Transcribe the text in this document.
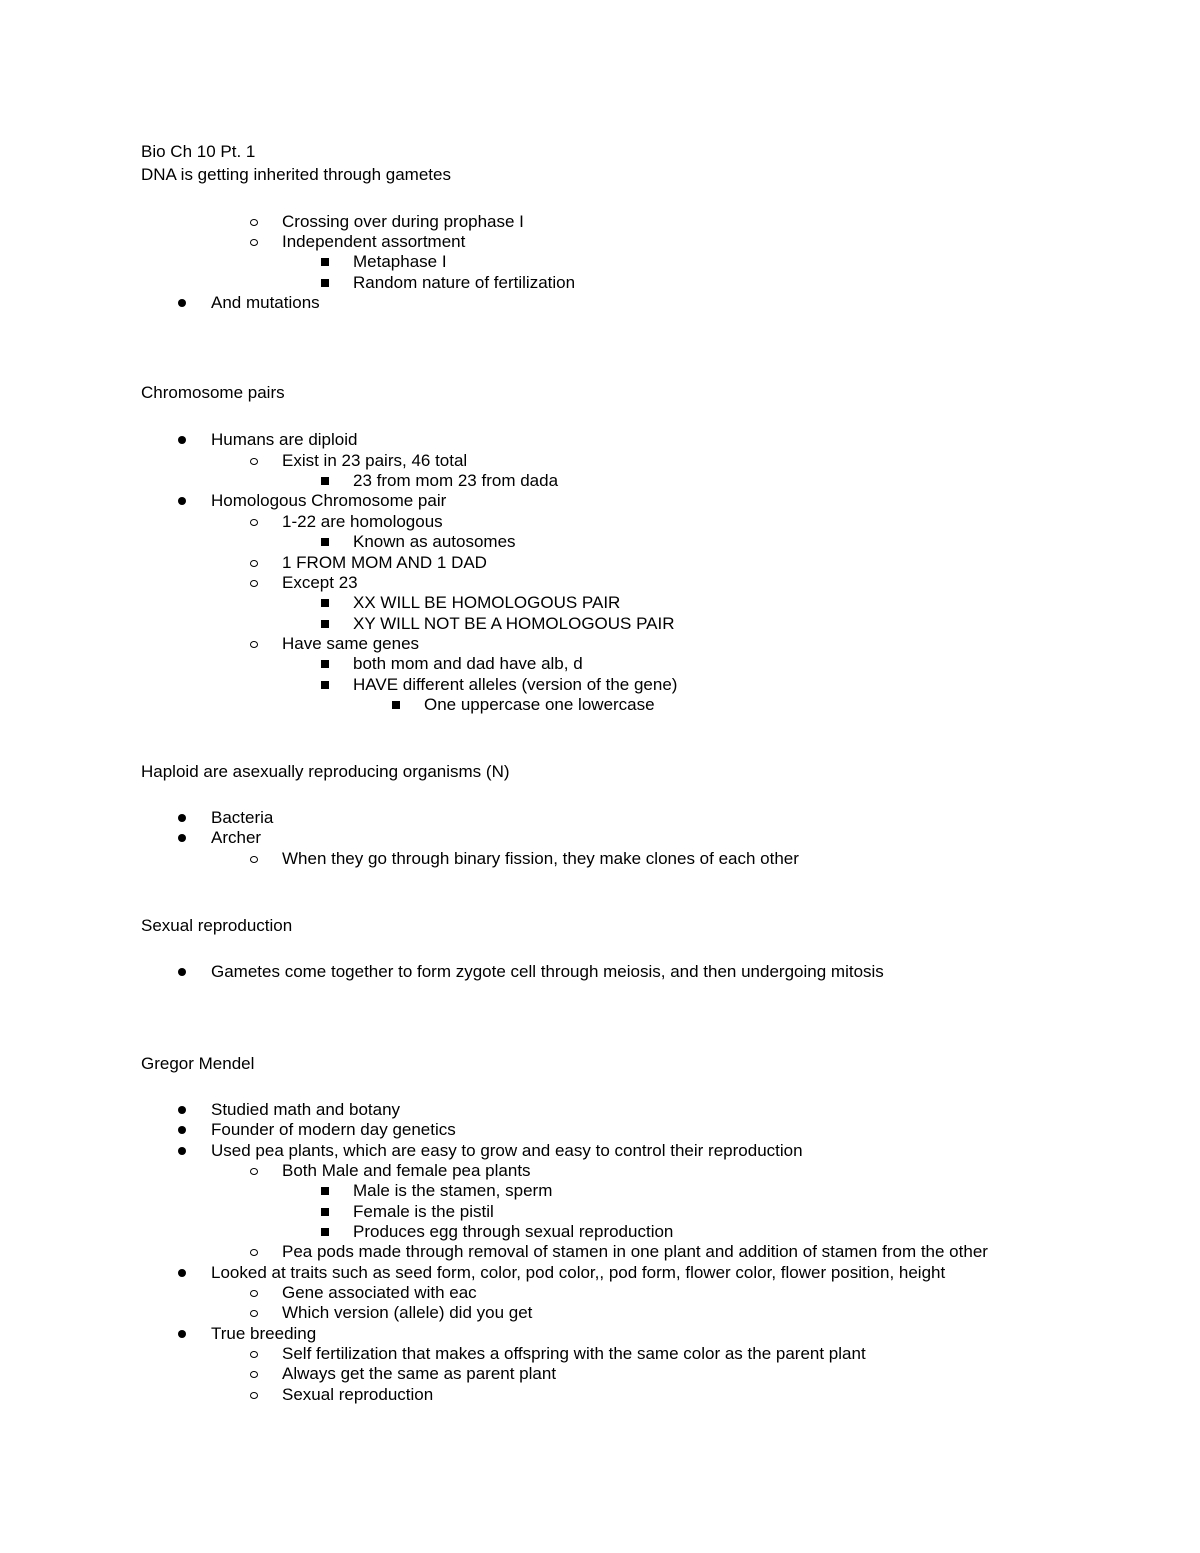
Bio Ch 10 Pt. 1
DNA is getting inherited through gametes
Crossing over during prophase I
Independent assortment
Metaphase I
Random nature of fertilization
And mutations
Chromosome pairs
Humans are diploid
Exist in 23 pairs, 46 total
23 from mom 23 from dada
Homologous Chromosome pair
1-22 are homologous
Known as autosomes
1 FROM MOM AND 1 DAD
Except 23
XX WILL BE HOMOLOGOUS PAIR
XY WILL NOT BE A HOMOLOGOUS PAIR
Have same genes
both mom and dad have alb, d
HAVE different alleles (version of the gene)
One uppercase one lowercase
Haploid are asexually reproducing organisms (N)
Bacteria
Archer
When they go through binary fission, they make clones of each other
Sexual reproduction
Gametes come together to form zygote cell through meiosis, and then undergoing mitosis
Gregor Mendel
Studied math and botany
Founder of modern day genetics
Used pea plants, which are easy to grow and easy to control their reproduction
Both Male and female pea plants
Male is the stamen, sperm
Female is the pistil
Produces egg through sexual reproduction
Pea pods made through removal of stamen in one plant and addition of stamen from the other
Looked at traits such as seed form, color, pod color,, pod form, flower color, flower position, height
Gene associated with eac
Which version (allele) did you get
True breeding
Self fertilization that makes a offspring with the same color as the parent plant
Always get the same as parent plant
Sexual reproduction
